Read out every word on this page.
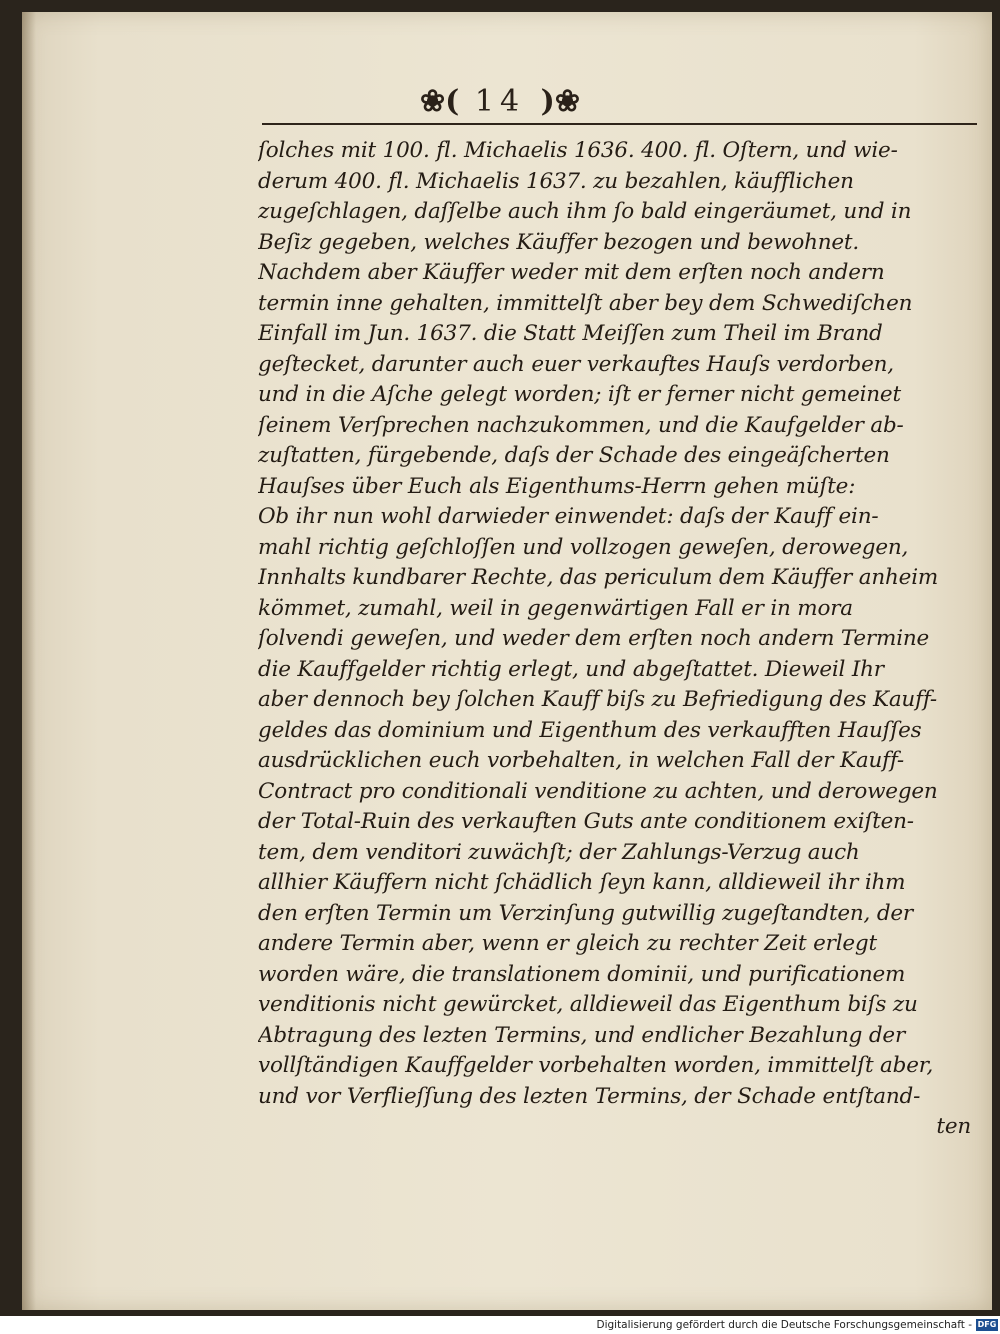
❀( 14 )❀
ſolches mit 100. fl. Michaelis 1636. 400. fl. Oſtern, und wie-
derum 400. fl. Michaelis 1637. zu bezahlen, käufflichen
zugeſchlagen, daſſelbe auch ihm ſo bald eingeräumet, und in
Beſiz gegeben, welches Käuffer bezogen und bewohnet.
Nachdem aber Käuffer weder mit dem erſten noch andern
termin inne gehalten, immittelſt aber bey dem Schwediſchen
Einfall im Jun. 1637. die Statt Meiſſen zum Theil im Brand
geſtecket, darunter auch euer verkauftes Hauſs verdorben,
und in die Aſche gelegt worden; iſt er ferner nicht gemeinet
ſeinem Verſprechen nachzukommen, und die Kaufgelder ab-
zuſtatten, fürgebende, daſs der Schade des eingeäſcherten
Hauſses über Euch als Eigenthums-Herrn gehen müſte:
Ob ihr nun wohl darwieder einwendet: daſs der Kauff ein-
mahl richtig geſchloſſen und vollzogen geweſen, derowegen,
Innhalts kundbarer Rechte, das periculum dem Käuffer anheim
kömmet, zumahl, weil in gegenwärtigen Fall er in mora
ſolvendi geweſen, und weder dem erſten noch andern Termine
die Kauffgelder richtig erlegt, und abgeſtattet. Dieweil Ihr
aber dennoch bey ſolchen Kauff biſs zu Befriedigung des Kauff-
geldes das dominium und Eigenthum des verkaufften Hauſſes
ausdrücklichen euch vorbehalten, in welchen Fall der Kauff-
Contract pro conditionali venditione zu achten, und derowegen
der Total-Ruin des verkauften Guts ante conditionem exiſten-
tem, dem venditori zuwächſt; der Zahlungs-Verzug auch
allhier Käuffern nicht ſchädlich ſeyn kann, alldieweil ihr ihm
den erſten Termin um Verzinſung gutwillig zugeſtandten, der
andere Termin aber, wenn er gleich zu rechter Zeit erlegt
worden wäre, die translationem dominii, und purificationem
venditionis nicht gewürcket, alldieweil das Eigenthum biſs zu
Abtragung des lezten Termins, und endlicher Bezahlung der
vollſtändigen Kauffgelder vorbehalten worden, immittelſt aber,
und vor Verflieſſung des lezten Termins, der Schade entſtand-
ten
Digitalisierung gefördert durch die Deutsche Forschungsgemeinschaft - DFG
